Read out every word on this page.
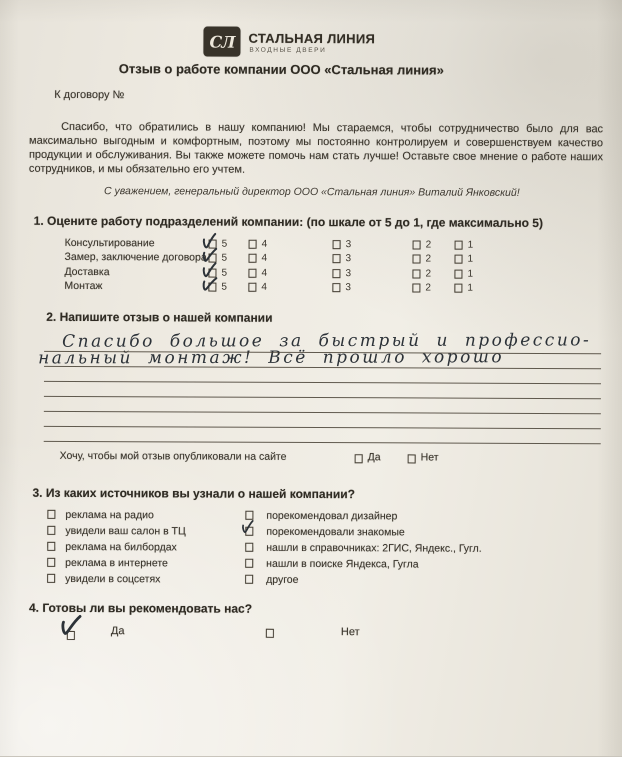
СЛ СТАЛЬНАЯ ЛИНИЯ
ВХОДНЫЕ ДВЕРИ
Отзыв о работе компании ООО «Стальная линия»
К договору №
Спасибо, что обратились в нашу компанию! Мы стараемся, чтобы сотрудничество было для вас максимально выгодным и комфортным, поэтому мы постоянно контролируем и совершенствуем качество продукции и обслуживания. Вы также можете помочь нам стать лучше! Оставьте свое мнение о работе наших сотрудников, и мы обязательно его учтем.
С уважением, генеральный директор ООО «Стальная линия» Виталий Янковский!
1. Оцените работу подразделений компании: (по шкале от 5 до 1, где максимально 5)
Консультирование	5	4	3	2	1
Замер, заключение договора 5	4	3	2	1
Доставка	5	4	3	2	1
Монтаж	5	4	3	2	1
2. Напишите отзыв о нашей компании
Спасибо большое за быстрый и профессио-
нальный монтаж! Всё прошло хорошо
Хочу, чтобы мой отзыв опубликовали на сайте	Да	Нет
3. Из каких источников вы узнали о нашей компании?
реклама на радио
увидели ваш салон в ТЦ
реклама на билбордах
реклама в интернете
увидели в соцсетях
порекомендовал дизайнер
порекомендовали знакомые
нашли в справочниках: 2ГИС, Яндекс., Гугл.
нашли в поиске Яндекса, Гугла
другое
4. Готовы ли вы рекомендовать нас?
Да	Нет
